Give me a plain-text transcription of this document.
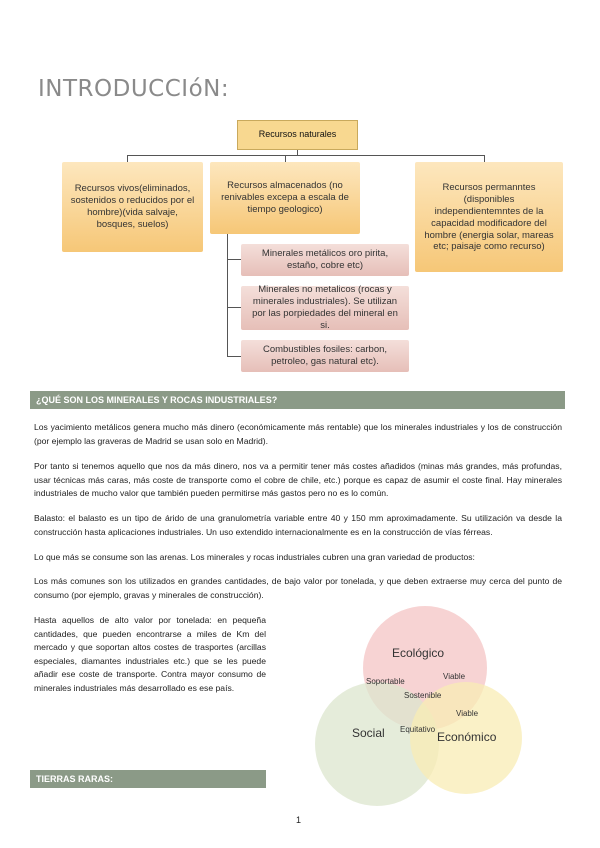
INTRODUCCIóN:
Recursos naturales
Recursos vivos(eliminados, sostenidos o reducidos por el hombre)(vida salvaje, bosques, suelos)
Recursos almacenados (no renivables excepa a escala de tiempo geologico)
Recursos permanntes (disponibles independientemntes de la capacidad modificadore del hombre (energia solar, mareas etc; paisaje como recurso)
Minerales metálicos oro pirita, estaño, cobre etc)
Minerales no metalicos (rocas y minerales industriales). Se utilizan por las porpiedades del mineral en si.
Combustibles fosiles: carbon, petroleo, gas natural etc).
¿QUÉ SON LOS MINERALES Y ROCAS INDUSTRIALES?

Los yacimiento metálicos genera mucho más dinero (económicamente más rentable) que los minerales industriales y los de construcción (por ejemplo las graveras de Madrid se usan solo en Madrid).

Por tanto si tenemos aquello que nos da más dinero, nos va a permitir tener más costes añadidos (minas más grandes, más profundas, usar técnicas más caras, más coste de transporte como el cobre de chile, etc.) porque es capaz de asumir el coste final. Hay minerales industriales de mucho valor que también pueden permitirse más gastos pero no es lo común.

Balasto: el balasto es un tipo de árido de una granulometría variable entre 40 y 150 mm aproximadamente. Su utilización va desde la construcción hasta aplicaciones industriales. Un uso extendido internacionalmente es en la construcción de vías férreas.

Lo que más se consume son las arenas. Los minerales y rocas industriales cubren una gran variedad de productos:

Los más comunes son los utilizados en grandes cantidades, de bajo valor por tonelada, y que deben extraerse muy cerca del punto de consumo (por ejemplo, gravas y minerales de construcción).

Hasta aquellos de alto valor por tonelada: en pequeña cantidades, que pueden encontrarse a miles de Km del mercado y que soportan altos costes de trasportes (arcillas especiales, diamantes industriales etc.) que se les puede añadir ese coste de transporte. Contra mayor consumo de minerales industriales más desarrollado es ese país.

Ecológico
Social	Económico
Soportable
Viable
Sostenible
Viable
Equitativo
TIERRAS RARAS:
1
